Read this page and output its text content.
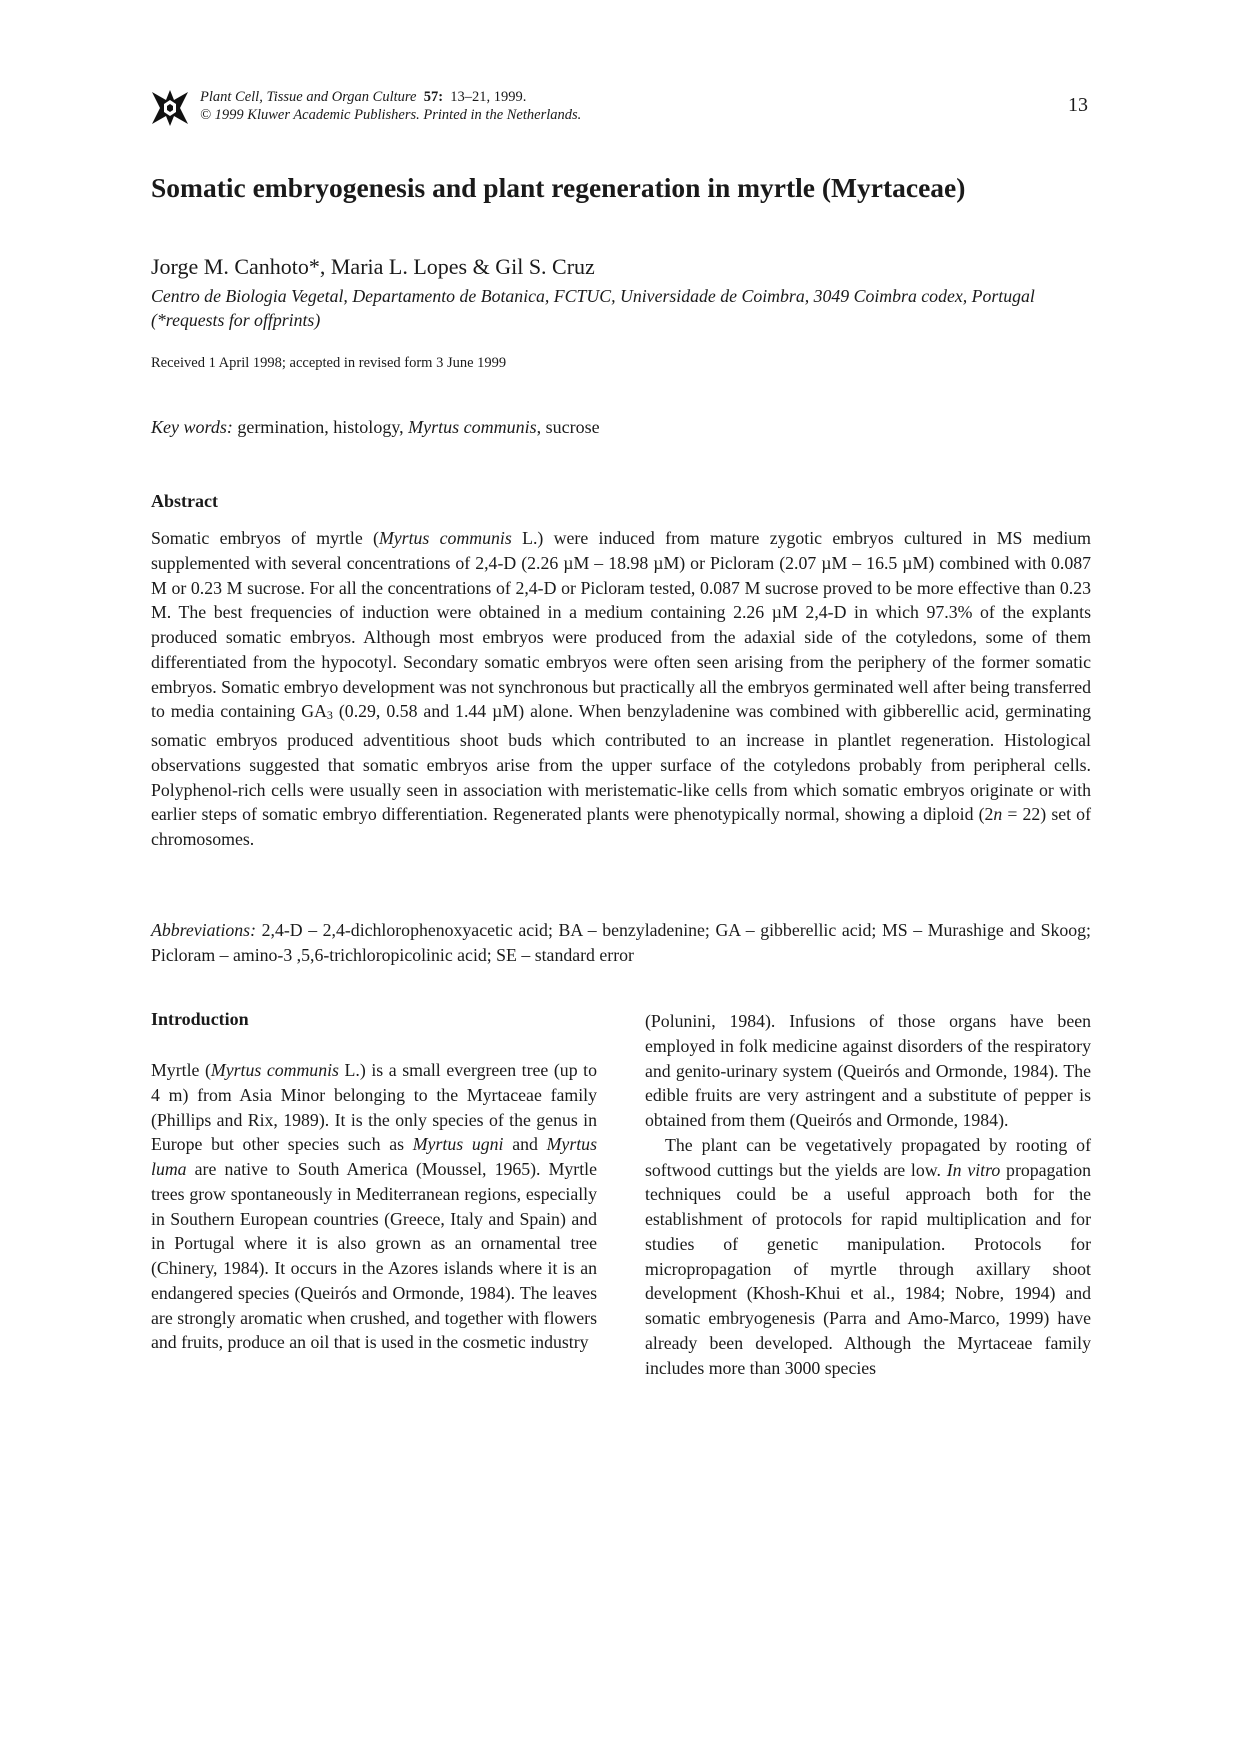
Plant Cell, Tissue and Organ Culture 57: 13–21, 1999.
© 1999 Kluwer Academic Publishers. Printed in the Netherlands.	13
Somatic embryogenesis and plant regeneration in myrtle (Myrtaceae)
Jorge M. Canhoto*, Maria L. Lopes & Gil S. Cruz
Centro de Biologia Vegetal, Departamento de Botanica, FCTUC, Universidade de Coimbra, 3049 Coimbra codex, Portugal (*requests for offprints)
Received 1 April 1998; accepted in revised form 3 June 1999
Key words: germination, histology, Myrtus communis, sucrose
Abstract
Somatic embryos of myrtle (Myrtus communis L.) were induced from mature zygotic embryos cultured in MS medium supplemented with several concentrations of 2,4-D (2.26 µM – 18.98 µM) or Picloram (2.07 µM – 16.5 µM) combined with 0.087 M or 0.23 M sucrose. For all the concentrations of 2,4-D or Picloram tested, 0.087 M sucrose proved to be more effective than 0.23 M. The best frequencies of induction were obtained in a medium containing 2.26 µM 2,4-D in which 97.3% of the explants produced somatic embryos. Although most embryos were produced from the adaxial side of the cotyledons, some of them differentiated from the hypocotyl. Secondary somatic embryos were often seen arising from the periphery of the former somatic embryos. Somatic embryo development was not synchronous but practically all the embryos germinated well after being transferred to media containing GA3 (0.29, 0.58 and 1.44 µM) alone. When benzyladenine was combined with gibberellic acid, germinating somatic embryos produced adventitious shoot buds which contributed to an increase in plantlet regeneration. Histological observations suggested that somatic embryos arise from the upper surface of the cotyledons probably from peripheral cells. Polyphenol-rich cells were usually seen in association with meristematic-like cells from which somatic embryos originate or with earlier steps of somatic embryo differentiation. Regenerated plants were phenotypically normal, showing a diploid (2n = 22) set of chromosomes.
Abbreviations: 2,4-D – 2,4-dichlorophenoxyacetic acid; BA – benzyladenine; GA – gibberellic acid; MS – Murashige and Skoog; Picloram – amino-3 ,5,6-trichloropicolinic acid; SE – standard error
Introduction
Myrtle (Myrtus communis L.) is a small evergreen tree (up to 4 m) from Asia Minor belonging to the Myrtaceae family (Phillips and Rix, 1989). It is the only species of the genus in Europe but other species such as Myrtus ugni and Myrtus luma are native to South America (Moussel, 1965). Myrtle trees grow spontaneously in Mediterranean regions, especially in Southern European countries (Greece, Italy and Spain) and in Portugal where it is also grown as an ornamental tree (Chinery, 1984). It occurs in the Azores islands where it is an endangered species (Queirós and Ormonde, 1984). The leaves are strongly aromatic when crushed, and together with flowers and fruits, produce an oil that is used in the cosmetic industry

(Polunini, 1984). Infusions of those organs have been employed in folk medicine against disorders of the respiratory and genito-urinary system (Queirós and Ormonde, 1984). The edible fruits are very astringent and a substitute of pepper is obtained from them (Queirós and Ormonde, 1984).

The plant can be vegetatively propagated by rooting of softwood cuttings but the yields are low. In vitro propagation techniques could be a useful approach both for the establishment of protocols for rapid multiplication and for studies of genetic manipulation. Protocols for micropropagation of myrtle through axillary shoot development (Khosh-Khui et al., 1984; Nobre, 1994) and somatic embryogenesis (Parra and Amo-Marco, 1999) have already been developed. Although the Myrtaceae family includes more than 3000 species
